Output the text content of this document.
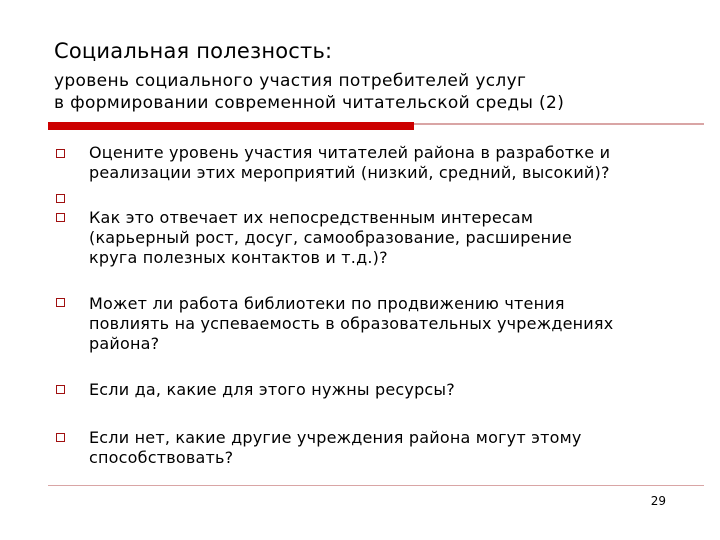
Социальная полезность:
уровень социального участия потребителей услуг
в формировании современной читательской среды (2)
Оцените уровень участия читателей района в разработке и
реализации этих мероприятий (низкий, средний, высокий)?
Как это отвечает их непосредственным интересам
(карьерный рост, досуг, самообразование, расширение
круга полезных контактов и т.д.)?
Может ли работа библиотеки по продвижению чтения
повлиять на успеваемость в образовательных учреждениях
района?
Если да, какие для этого нужны ресурсы?
Если нет, какие другие учреждения района могут этому
способствовать?
29
